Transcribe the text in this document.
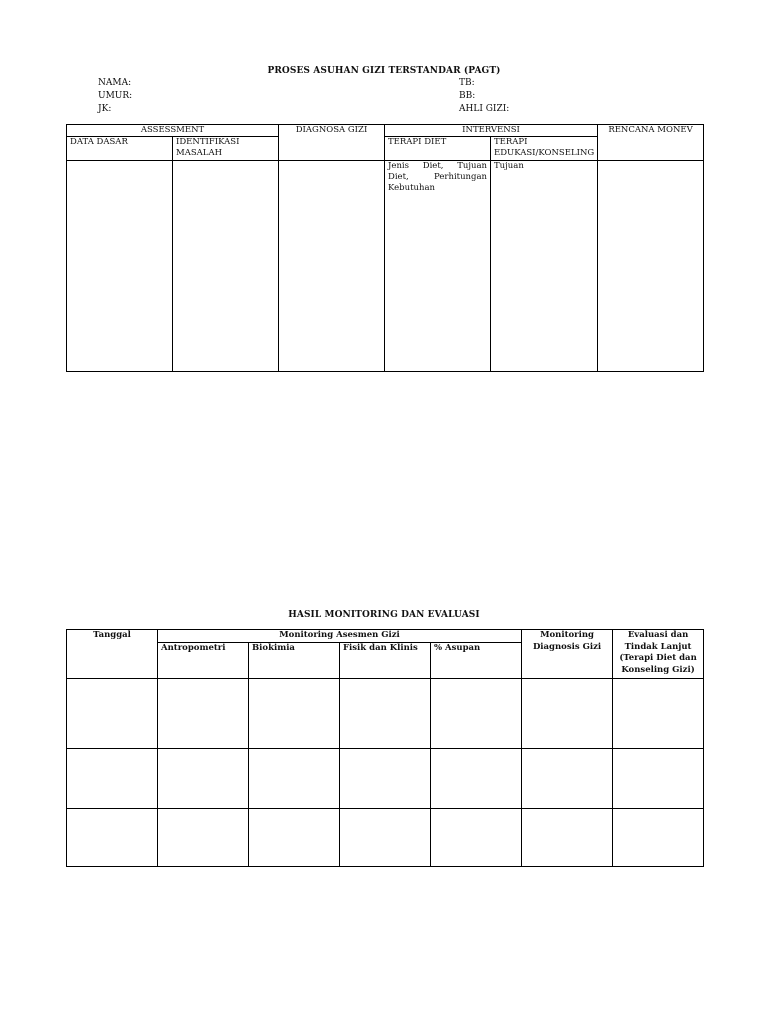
PROSES ASUHAN GIZI TERSTANDAR (PAGT)
NAMA:
UMUR:
JK:
TB:
BB:
AHLI GIZI:
ASSESSMENT		DIAGNOSA GIZI	INTERVENSI		RENCANA MONEV
DATA DASAR	IDENTIFIKASI MASALAH		TERAPI DIET	TERAPI EDUKASI/KONSELING	
			Jenis Diet, Tujuan Diet, Perhitungan Kebutuhan	Tujuan	
HASIL MONITORING DAN EVALUASI
Tanggal	Monitoring Asesmen Gizi				Monitoring Diagnosis Gizi	Evaluasi dan Tindak Lanjut (Terapi Diet dan Konseling Gizi)
	Antropometri	Biokimia	Fisik dan Klinis	% Asupan		
